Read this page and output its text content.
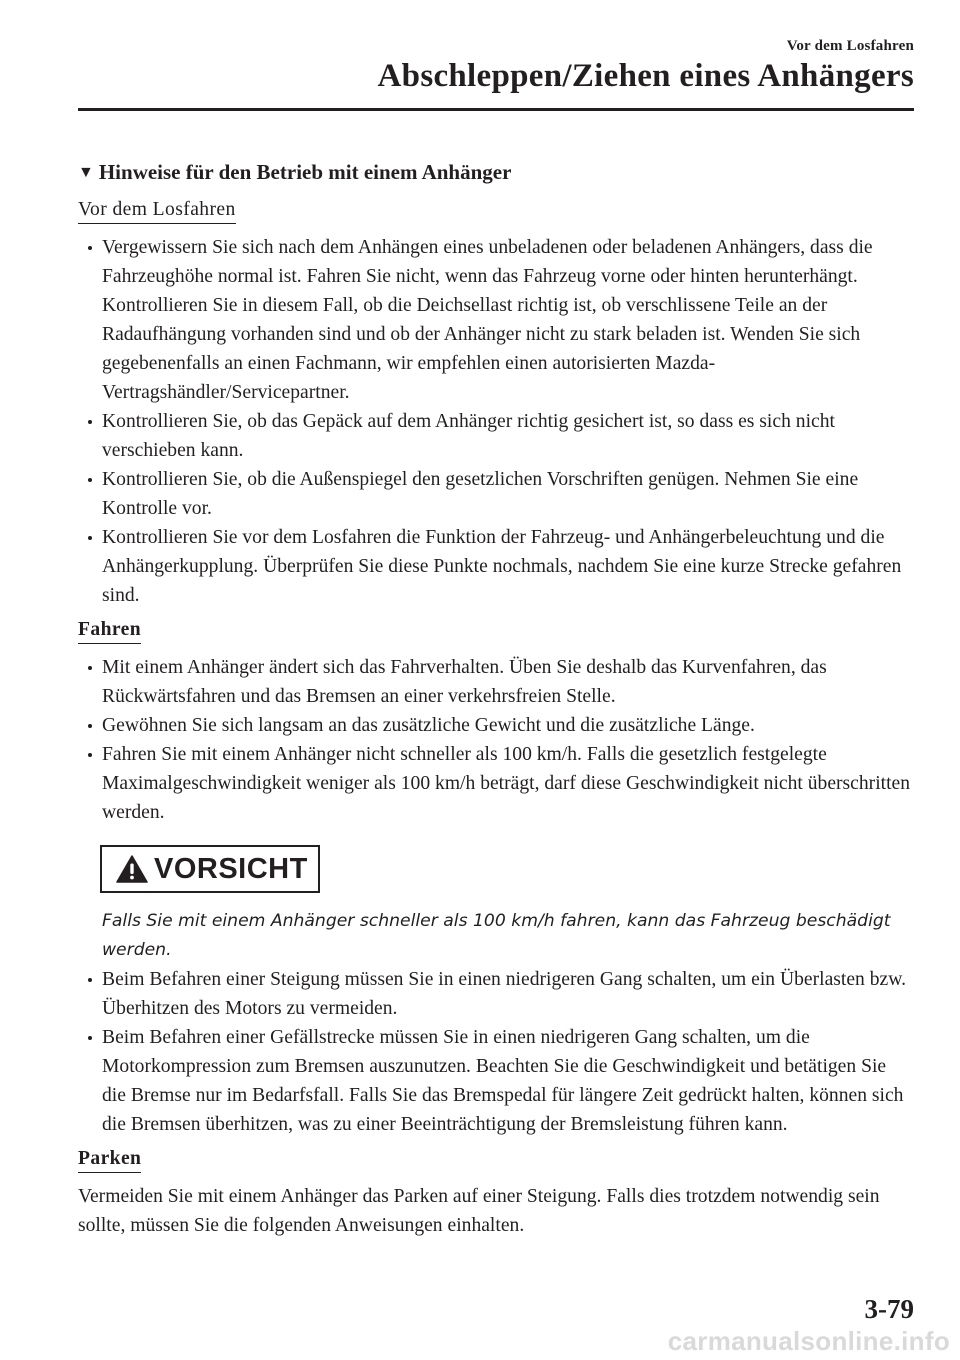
Vor dem Losfahren
Abschleppen/Ziehen eines Anhängers
▼ Hinweise für den Betrieb mit einem Anhänger
Vor dem Losfahren
Vergewissern Sie sich nach dem Anhängen eines unbeladenen oder beladenen Anhängers, dass die Fahrzeughöhe normal ist. Fahren Sie nicht, wenn das Fahrzeug vorne oder hinten herunterhängt. Kontrollieren Sie in diesem Fall, ob die Deichsellast richtig ist, ob verschlissene Teile an der Radaufhängung vorhanden sind und ob der Anhänger nicht zu stark beladen ist. Wenden Sie sich gegebenenfalls an einen Fachmann, wir empfehlen einen autorisierten Mazda-Vertragshändler/Servicepartner.
Kontrollieren Sie, ob das Gepäck auf dem Anhänger richtig gesichert ist, so dass es sich nicht verschieben kann.
Kontrollieren Sie, ob die Außenspiegel den gesetzlichen Vorschriften genügen. Nehmen Sie eine Kontrolle vor.
Kontrollieren Sie vor dem Losfahren die Funktion der Fahrzeug- und Anhängerbeleuchtung und die Anhängerkupplung. Überprüfen Sie diese Punkte nochmals, nachdem Sie eine kurze Strecke gefahren sind.
Fahren
Mit einem Anhänger ändert sich das Fahrverhalten. Üben Sie deshalb das Kurvenfahren, das Rückwärtsfahren und das Bremsen an einer verkehrsfreien Stelle.
Gewöhnen Sie sich langsam an das zusätzliche Gewicht und die zusätzliche Länge.
Fahren Sie mit einem Anhänger nicht schneller als 100 km/h. Falls die gesetzlich festgelegte Maximalgeschwindigkeit weniger als 100 km/h beträgt, darf diese Geschwindigkeit nicht überschritten werden.
VORSICHT

Falls Sie mit einem Anhänger schneller als 100 km/h fahren, kann das Fahrzeug beschädigt werden.

Beim Befahren einer Steigung müssen Sie in einen niedrigeren Gang schalten, um ein Überlasten bzw. Überhitzen des Motors zu vermeiden.
Beim Befahren einer Gefällstrecke müssen Sie in einen niedrigeren Gang schalten, um die Motorkompression zum Bremsen auszunutzen. Beachten Sie die Geschwindigkeit und betätigen Sie die Bremse nur im Bedarfsfall. Falls Sie das Bremspedal für längere Zeit gedrückt halten, können sich die Bremsen überhitzen, was zu einer Beeinträchtigung der Bremsleistung führen kann.
Parken

Vermeiden Sie mit einem Anhänger das Parken auf einer Steigung. Falls dies trotzdem notwendig sein sollte, müssen Sie die folgenden Anweisungen einhalten.

3-79
carmanualsonline.info
